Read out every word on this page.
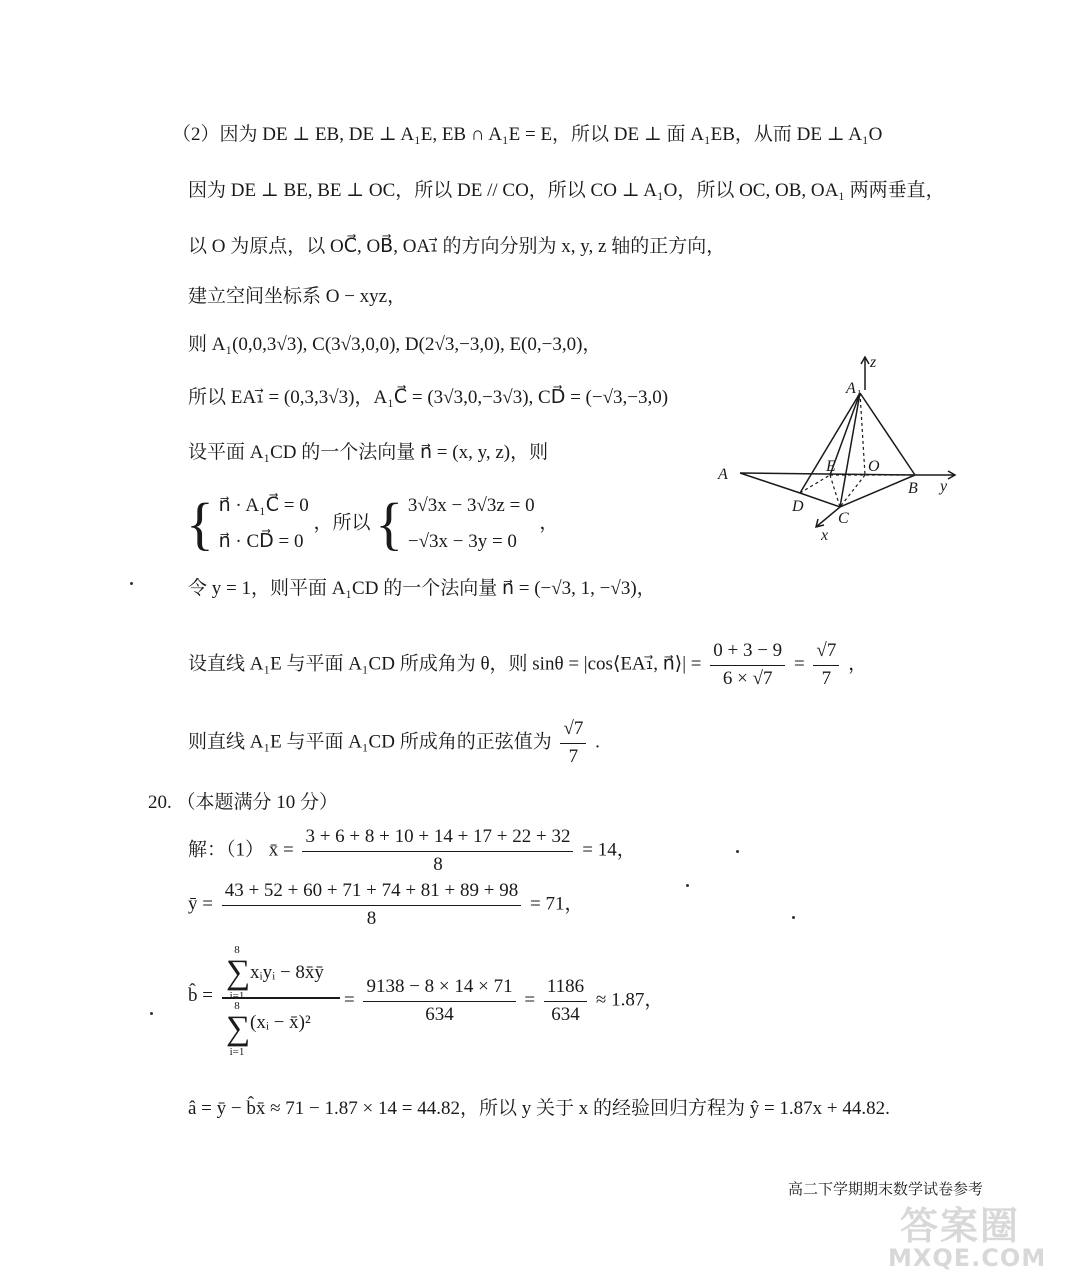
（2）因为 DE ⊥ EB, DE ⊥ A₁E, EB ∩ A₁E = E，所以 DE ⊥ 面 A₁EB，从而 DE ⊥ A₁O
因为 DE ⊥ BE, BE ⊥ OC，所以 DE // CO，所以 CO ⊥ A₁O，所以 OC, OB, OA₁ 两两垂直，
以 O 为原点，以 OC⃗, OB⃗, OA₁⃗ 的方向分别为 x, y, z 轴的正方向，
建立空间坐标系 O − xyz，
则 A₁(0,0,3√3), C(3√3,0,0), D(2√3,−3,0), E(0,−3,0)，
所以 EA₁⃗ = (0,3,3√3)，A₁C⃗ = (3√3,0,−3√3), CD⃗ = (−√3,−3,0)
设平面 A₁CD 的一个法向量 n⃗ = (x, y, z)，则
{ n⃗ · A₁C⃗ = 0
n⃗ · CD⃗ = 0
，所以 { 3√3x − 3√3z = 0
−√3x − 3y = 0
，
令 y = 1，则平面 A₁CD 的一个法向量 n⃗ = (−√3, 1, −√3)，
设直线 A₁E 与平面 A₁CD 所成角为 θ，则 sinθ = |cos⟨EA₁⃗, n⃗⟩| = $\frac{0 + 3 - 9}{6 \times √7} = \frac{√7}{7}$ ，
则直线 A₁E 与平面 A₁CD 所成角的正弦值为 $\frac{√7}{7}$ .
z
A₁
A	E O
B y
D
C
x
20. （本题满分 10 分）
解：（1） x̄ = $\frac{3 + 6 + 8 + 10 + 14 + 17 + 22 + 32}{8} = 14$，
ȳ = $\frac{43 + 52 + 60 + 71 + 74 + 81 + 89 + 98}{8} = 71$，
b̂ =
8
∑
i=1
xᵢyᵢ − 8x̄ȳ
8
∑
i=1
(xᵢ − x̄)²
= $\frac{9138 - 8 \times 14 \times 71}{634} = \frac{1186}{634} \approx 1.87$，
â = ȳ − b̂x̄ ≈ 71 − 1.87 × 14 = 44.82，所以 y 关于 x 的经验回归方程为 ŷ = 1.87x + 44.82.
高二下学期期末数学试卷参考
答案圈
MXQE.COM
